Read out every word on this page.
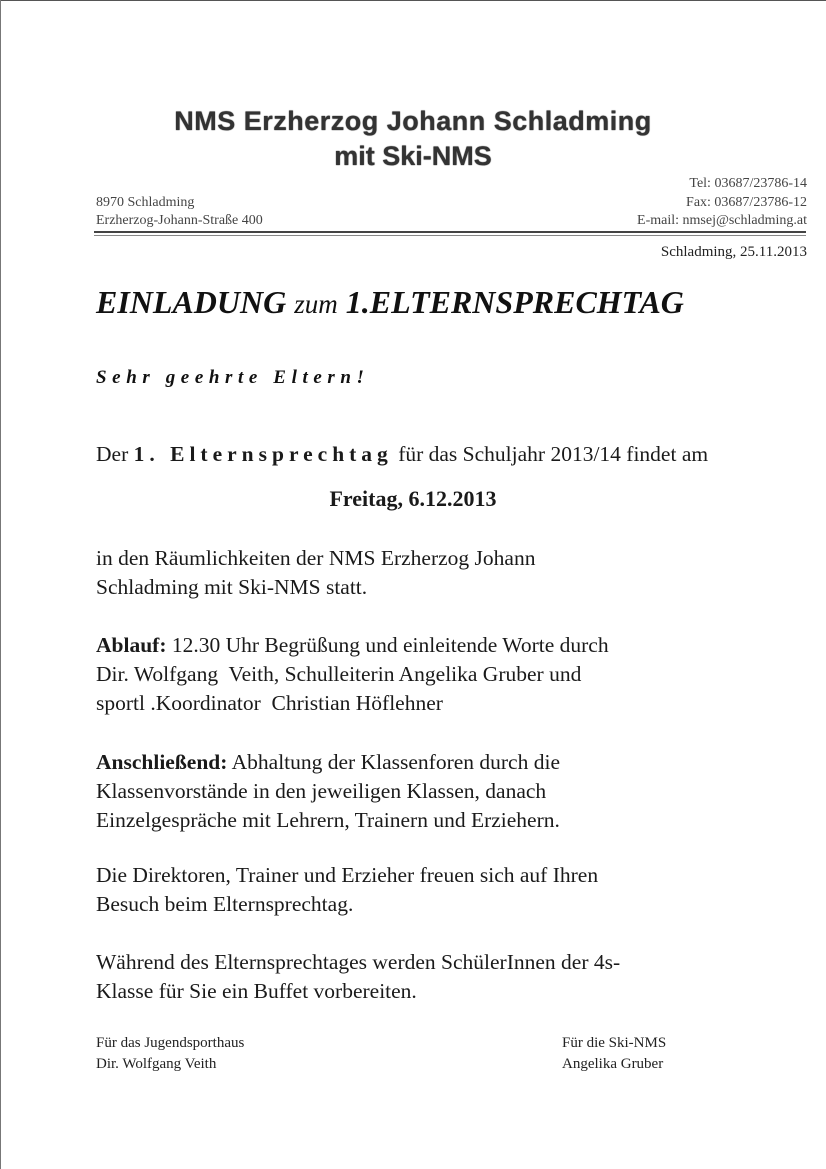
NMS Erzherzog Johann Schladming
mit Ski-NMS
8970 Schladming
Erzherzog-Johann-Straße 400
Tel: 03687/23786-14
Fax: 03687/23786-12
E-mail: nmsej@schladming.at
Schladming, 25.11.2013
EINLADUNG zum 1.ELTERNSPRECHTAG
Sehr geehrte Eltern!
Der 1. Elternsprechtag für das Schuljahr 2013/14 findet am
Freitag, 6.12.2013
in den Räumlichkeiten der NMS Erzherzog Johann
Schladming mit Ski-NMS statt.
Ablauf: 12.30 Uhr Begrüßung und einleitende Worte durch
Dir. Wolfgang  Veith, Schulleiterin Angelika Gruber und
sportl .Koordinator  Christian Höflehner
Anschließend: Abhaltung der Klassenforen durch die
Klassenvorstände in den jeweiligen Klassen, danach
Einzelgespräche mit Lehrern, Trainern und Erziehern.
Die Direktoren, Trainer und Erzieher freuen sich auf Ihren
Besuch beim Elternsprechtag.
Während des Elternsprechtages werden SchülerInnen der 4s-
Klasse für Sie ein Buffet vorbereiten.
Für das Jugendsporthaus
Dir. Wolfgang Veith
Für die Ski-NMS
Angelika Gruber
